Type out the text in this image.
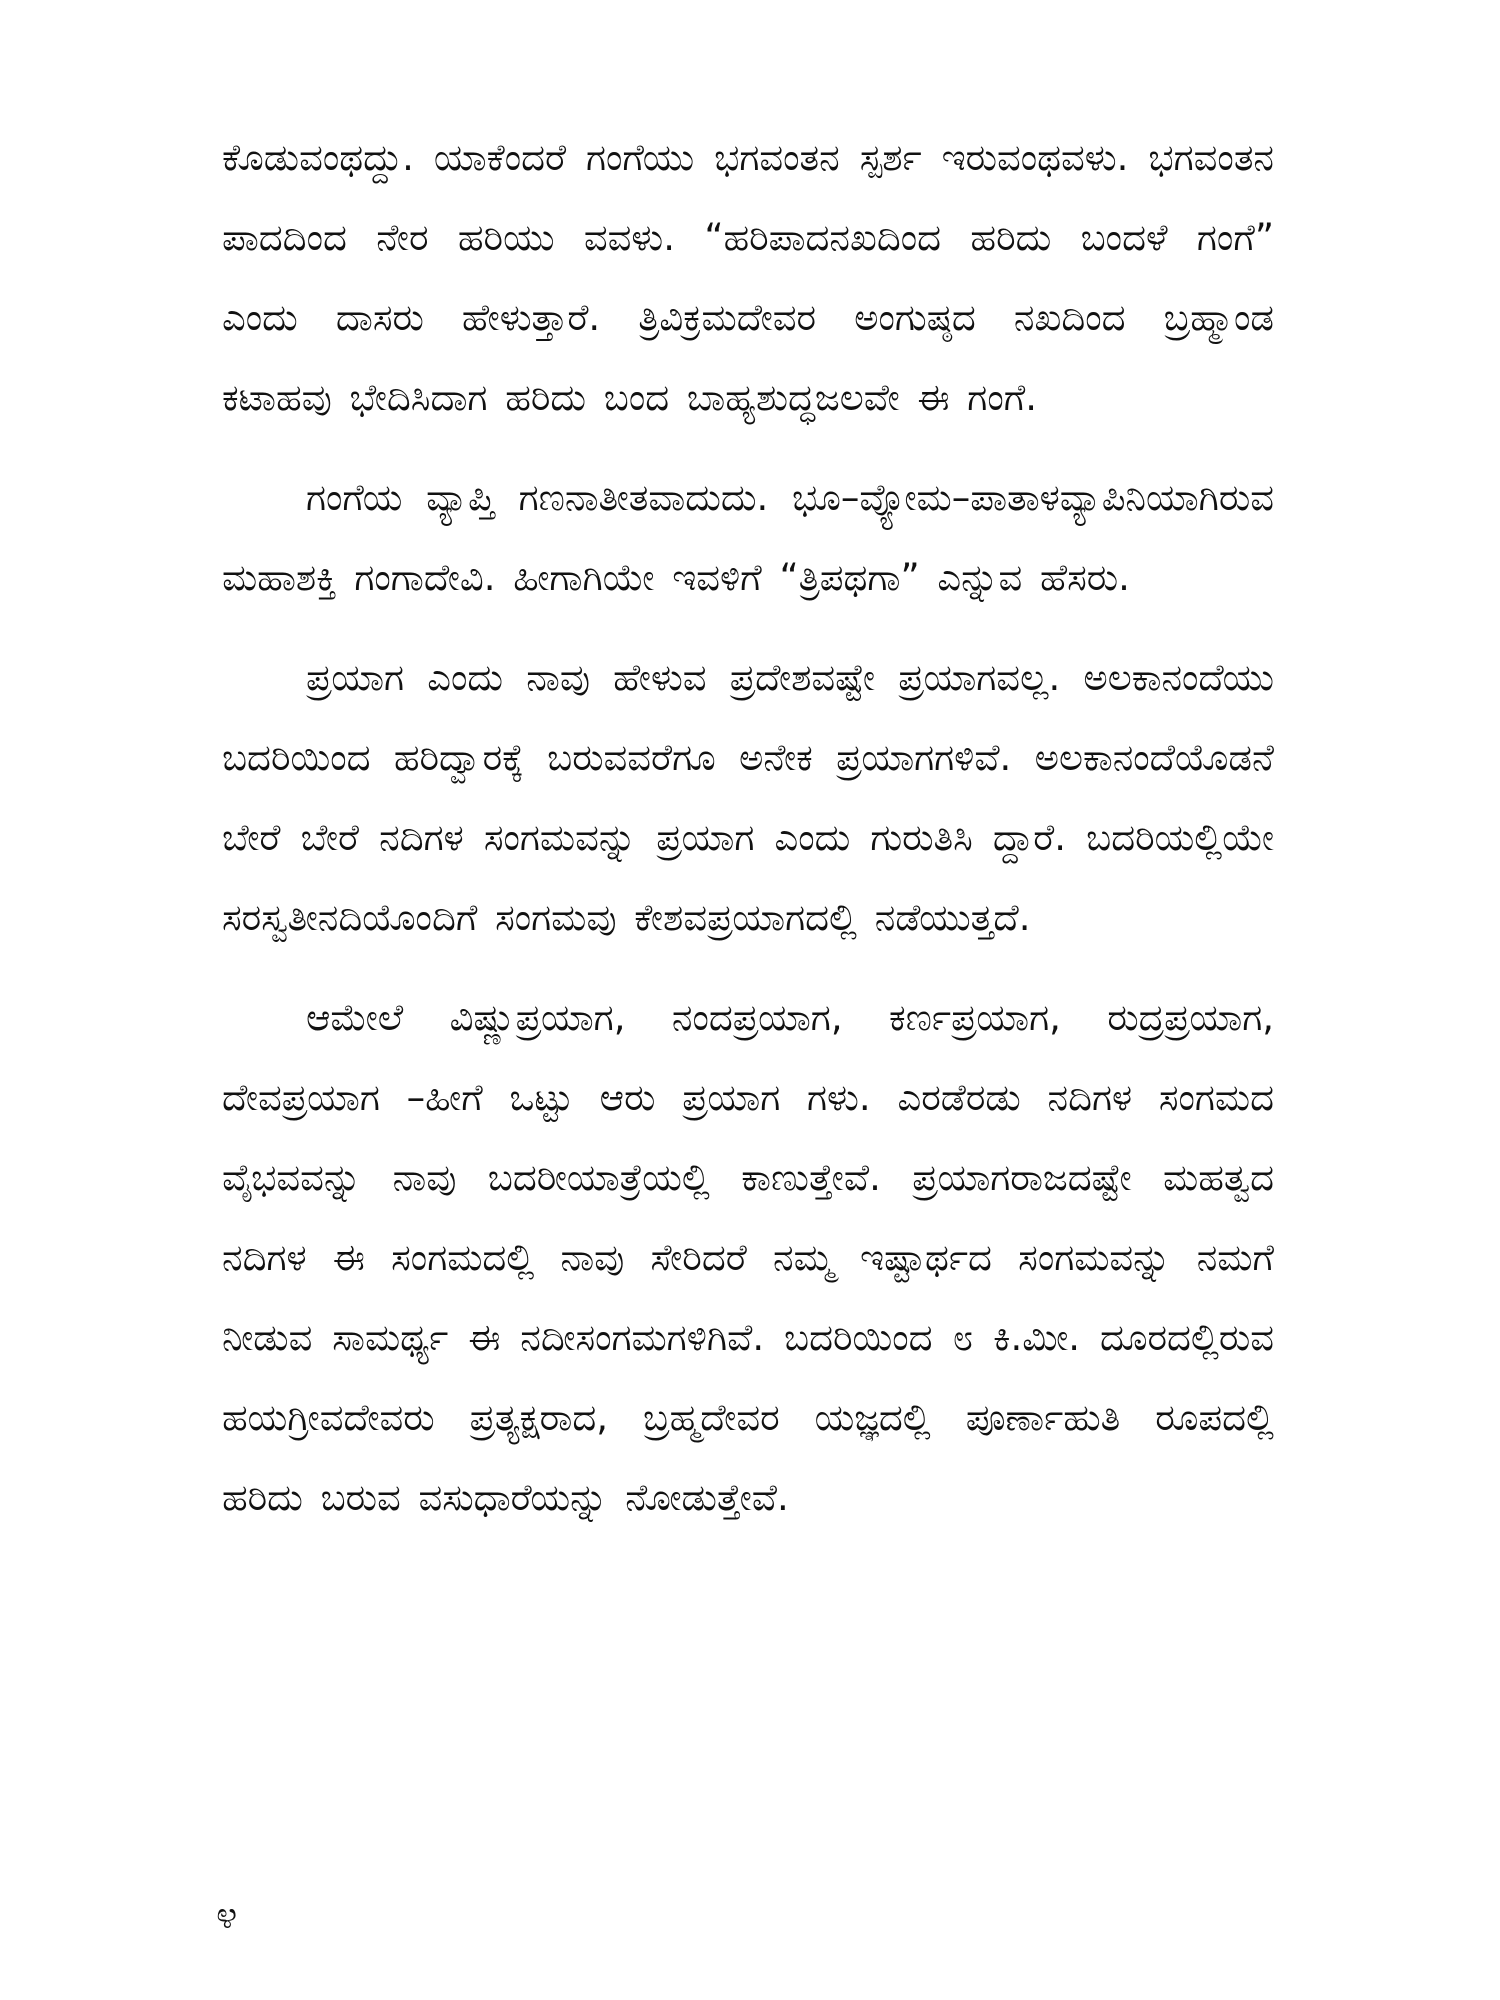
ಕೊಡುವಂಥದ್ದು. ಯಾಕೆಂದರೆ ಗಂಗೆಯು ಭಗವಂತನ ಸ್ಪರ್ಶ ಇರುವಂಥವಳು. ಭಗವಂತನ ಪಾದದಿಂದ ನೇರ ಹರಿಯು ವವಳು. “ಹರಿಪಾದನಖದಿಂದ ಹರಿದು ಬಂದಳೆ ಗಂಗೆ” ಎಂದು ದಾಸರು ಹೇಳುತ್ತಾರೆ. ತ್ರಿವಿಕ್ರಮದೇವರ ಅಂಗುಷ್ಠದ ನಖದಿಂದ ಬ್ರಹ್ಮಾಂಡ ಕಟಾಹವು ಭೇದಿಸಿದಾಗ ಹರಿದು ಬಂದ ಬಾಹ್ಯಶುದ್ಧಜಲವೇ ಈ ಗಂಗೆ.

ಗಂಗೆಯ ವ್ಯಾಪ್ತಿ ಗಣನಾತೀತವಾದುದು. ಭೂ–ವ್ಯೋಮ–ಪಾತಾಳವ್ಯಾಪಿನಿಯಾಗಿರುವ ಮಹಾಶಕ್ತಿ ಗಂಗಾದೇವಿ. ಹೀಗಾಗಿಯೇ ಇವಳಿಗೆ “ತ್ರಿಪಥಗಾ” ಎನ್ನುವ ಹೆಸರು.

ಪ್ರಯಾಗ ಎಂದು ನಾವು ಹೇಳುವ ಪ್ರದೇಶವಷ್ಟೇ ಪ್ರಯಾಗವಲ್ಲ. ಅಲಕಾನಂದೆಯು ಬದರಿಯಿಂದ ಹರಿದ್ವಾರಕ್ಕೆ ಬರುವವರೆಗೂ ಅನೇಕ ಪ್ರಯಾಗಗಳಿವೆ. ಅಲಕಾನಂದೆಯೊಡನೆ ಬೇರೆ ಬೇರೆ ನದಿಗಳ ಸಂಗಮವನ್ನು ಪ್ರಯಾಗ ಎಂದು ಗುರುತಿಸಿ ದ್ದಾರೆ. ಬದರಿಯಲ್ಲಿಯೇ ಸರಸ್ವತೀನದಿಯೊಂದಿಗೆ ಸಂಗಮವು ಕೇಶವಪ್ರಯಾಗದಲ್ಲಿ ನಡೆಯುತ್ತದೆ.

ಆಮೇಲೆ ವಿಷ್ಣುಪ್ರಯಾಗ, ನಂದಪ್ರಯಾಗ, ಕರ್ಣಪ್ರಯಾಗ, ರುದ್ರಪ್ರಯಾಗ, ದೇವಪ್ರಯಾಗ –ಹೀಗೆ ಒಟ್ಟು ಆರು ಪ್ರಯಾಗ ಗಳು. ಎರಡೆರಡು ನದಿಗಳ ಸಂಗಮದ ವೈಭವವನ್ನು ನಾವು ಬದರೀಯಾತ್ರೆಯಲ್ಲಿ ಕಾಣುತ್ತೇವೆ. ಪ್ರಯಾಗರಾಜದಷ್ಟೇ ಮಹತ್ವದ ನದಿಗಳ ಈ ಸಂಗಮದಲ್ಲಿ ನಾವು ಸೇರಿದರೆ ನಮ್ಮ ಇಷ್ಟಾರ್ಥದ ಸಂಗಮವನ್ನು ನಮಗೆ ನೀಡುವ ಸಾಮರ್ಥ್ಯ ಈ ನದೀಸಂಗಮಗಳಿಗಿವೆ. ಬದರಿಯಿಂದ ೮ ಕಿ.ಮೀ. ದೂರದಲ್ಲಿರುವ ಹಯಗ್ರೀವದೇವರು ಪ್ರತ್ಯಕ್ಷರಾದ, ಬ್ರಹ್ಮದೇವರ ಯಜ್ಞದಲ್ಲಿ ಪೂರ್ಣಾಹುತಿ ರೂಪದಲ್ಲಿ ಹರಿದು ಬರುವ ವಸುಧಾರೆಯನ್ನು ನೋಡುತ್ತೇವೆ.

೪
